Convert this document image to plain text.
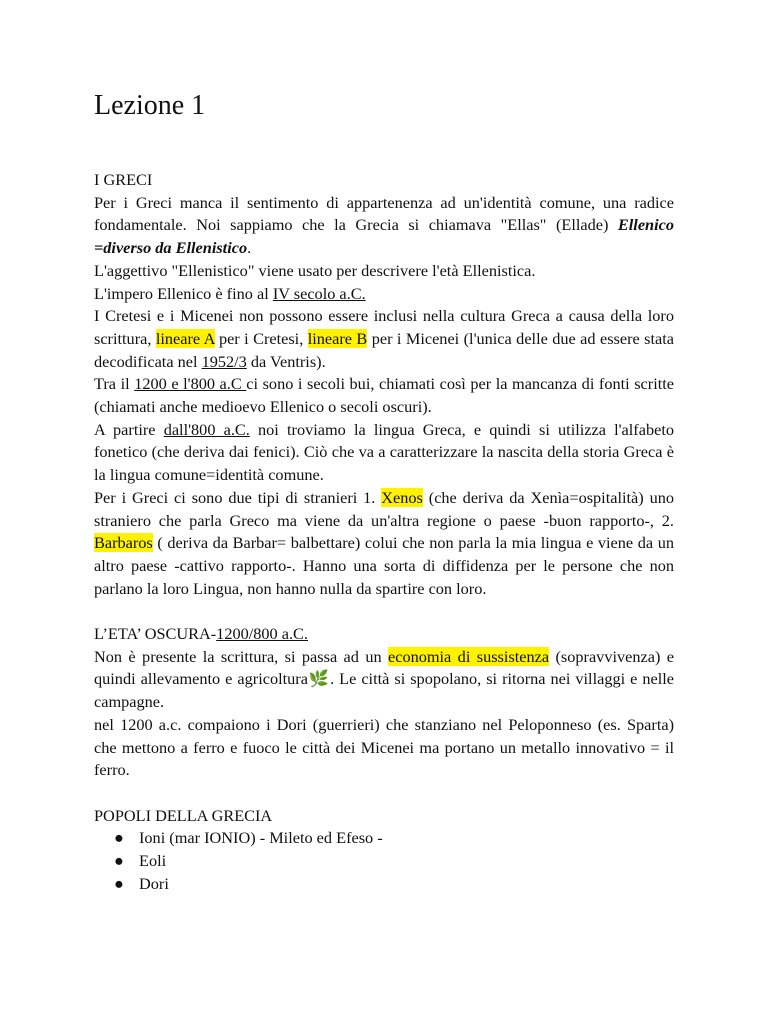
Lezione 1

I GRECI

Per i Greci manca il sentimento di appartenenza ad un'identità comune, una radice fondamentale. Noi sappiamo che la Grecia si chiamava "Ellas" (Ellade) Ellenico =diverso da Ellenistico.

L'aggettivo "Ellenistico" viene usato per descrivere l'età Ellenistica.

L'impero Ellenico è fino al IV secolo a.C.

I Cretesi e i Micenei non possono essere inclusi nella cultura Greca a causa della loro scrittura, lineare A per i Cretesi, lineare B per i Micenei (l'unica delle due ad essere stata decodificata nel 1952/3 da Ventris).

Tra il 1200 e l'800 a.C ci sono i secoli bui, chiamati così per la mancanza di fonti scritte (chiamati anche medioevo Ellenico o secoli oscuri).

A partire dall'800 a.C. noi troviamo la lingua Greca, e quindi si utilizza l'alfabeto fonetico (che deriva dai fenici). Ciò che va a caratterizzare la nascita della storia Greca è la lingua comune=identità comune.

Per i Greci ci sono due tipi di stranieri 1. Xenos (che deriva da Xenìa=ospitalità) uno straniero che parla Greco ma viene da un'altra regione o paese -buon rapporto-, 2. Barbaros ( deriva da Barbar= balbettare) colui che non parla la mia lingua e viene da un altro paese -cattivo rapporto-. Hanno una sorta di diffidenza per le persone che non parlano la loro Lingua, non hanno nulla da spartire con loro.

L’ETA’ OSCURA-1200/800 a.C.

Non è presente la scrittura, si passa ad un economia di sussistenza (sopravvivenza) e quindi allevamento e agricoltura🌿. Le città si spopolano, si ritorna nei villaggi e nelle campagne.

nel 1200 a.c. compaiono i Dori (guerrieri) che stanziano nel Peloponneso (es. Sparta) che mettono a ferro e fuoco le città dei Micenei ma portano un metallo innovativo = il ferro.

POPOLI DELLA GRECIA

● Ioni (mar IONIO) - Mileto ed Efeso -
● Eoli
● Dori
